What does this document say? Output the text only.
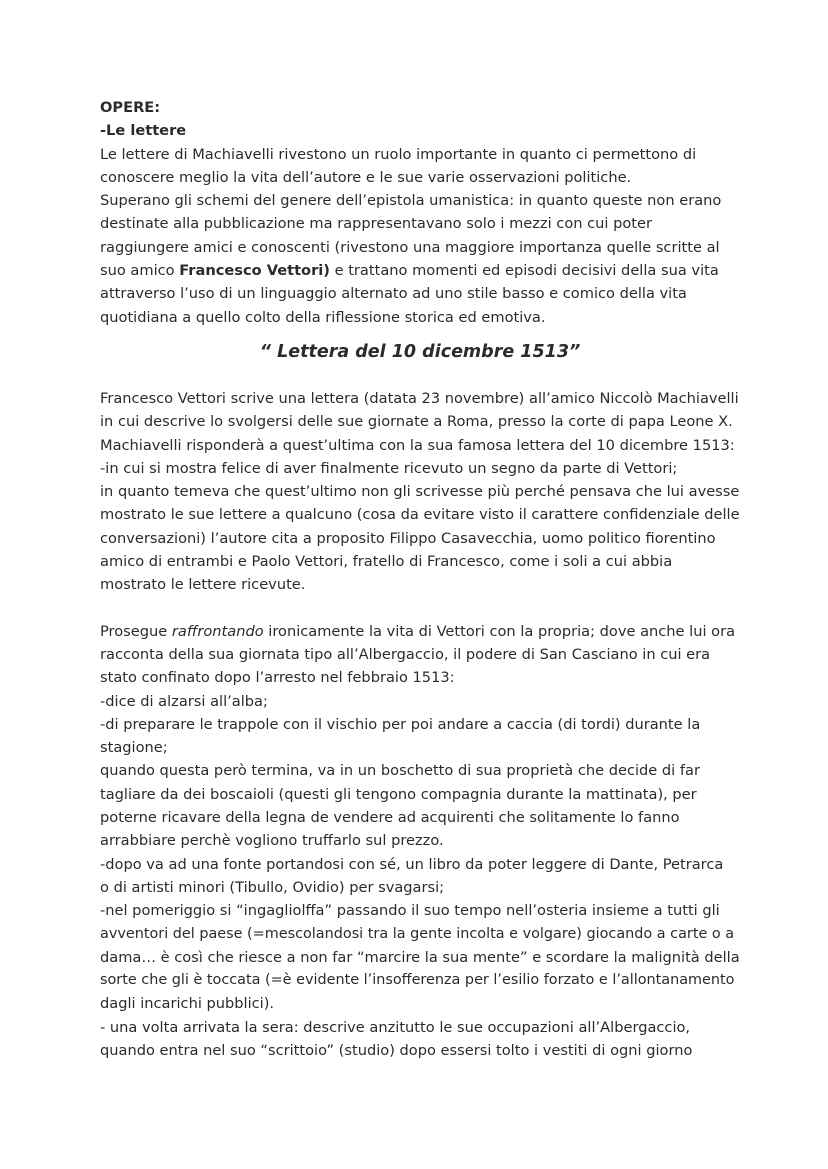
OPERE:
-Le lettere
Le lettere di Machiavelli rivestono un ruolo importante in quanto ci permettono di
conoscere meglio la vita dell’autore e le sue varie osservazioni politiche.
Superano gli schemi del genere dell’epistola umanistica: in quanto queste non erano
destinate alla pubblicazione ma rappresentavano solo i mezzi con cui poter
raggiungere amici e conoscenti (rivestono una maggiore importanza quelle scritte al
suo amico Francesco Vettori) e trattano momenti ed episodi decisivi della sua vita
attraverso l’uso di un linguaggio alternato ad uno stile basso e comico della vita
quotidiana a quello colto della riflessione storica ed emotiva.
“ Lettera del 10 dicembre 1513”
Francesco Vettori scrive una lettera (datata 23 novembre) all’amico Niccolò Machiavelli
in cui descrive lo svolgersi delle sue giornate a Roma, presso la corte di papa Leone X.
Machiavelli risponderà a quest’ultima con la sua famosa lettera del 10 dicembre 1513:
-in cui si mostra felice di aver finalmente ricevuto un segno da parte di Vettori;
in quanto temeva che quest’ultimo non gli scrivesse più perché pensava che lui avesse
mostrato le sue lettere a qualcuno (cosa da evitare visto il carattere confidenziale delle
conversazioni) l’autore cita a proposito Filippo Casavecchia, uomo politico fiorentino
amico di entrambi e Paolo Vettori, fratello di Francesco, come i soli a cui abbia
mostrato le lettere ricevute.
Prosegue raffrontando ironicamente la vita di Vettori con la propria; dove anche lui ora
racconta della sua giornata tipo all’Albergaccio, il podere di San Casciano in cui era
stato confinato dopo l’arresto nel febbraio 1513:
-dice di alzarsi all’alba;
-di preparare le trappole con il vischio per poi andare a caccia (di tordi) durante la
stagione;
quando questa però termina, va in un boschetto di sua proprietà che decide di far
tagliare da dei boscaioli (questi gli tengono compagnia durante la mattinata), per
poterne ricavare della legna de vendere ad acquirenti che solitamente lo fanno
arrabbiare perchè vogliono truffarlo sul prezzo.
-dopo va ad una fonte portandosi con sé, un libro da poter leggere di Dante, Petrarca
o di artisti minori (Tibullo, Ovidio) per svagarsi;
-nel pomeriggio si “ingagliolffa” passando il suo tempo nell’osteria insieme a tutti gli
avventori del paese (=mescolandosi tra la gente incolta e volgare) giocando a carte o a
dama… è così che riesce a non far “marcire la sua mente” e scordare la malignità della
sorte che gli è toccata (=è evidente l’insofferenza per l’esilio forzato e l’allontanamento
dagli incarichi pubblici).
- una volta arrivata la sera: descrive anzitutto le sue occupazioni all’Albergaccio,
quando entra nel suo “scrittoio” (studio) dopo essersi tolto i vestiti di ogni giorno
